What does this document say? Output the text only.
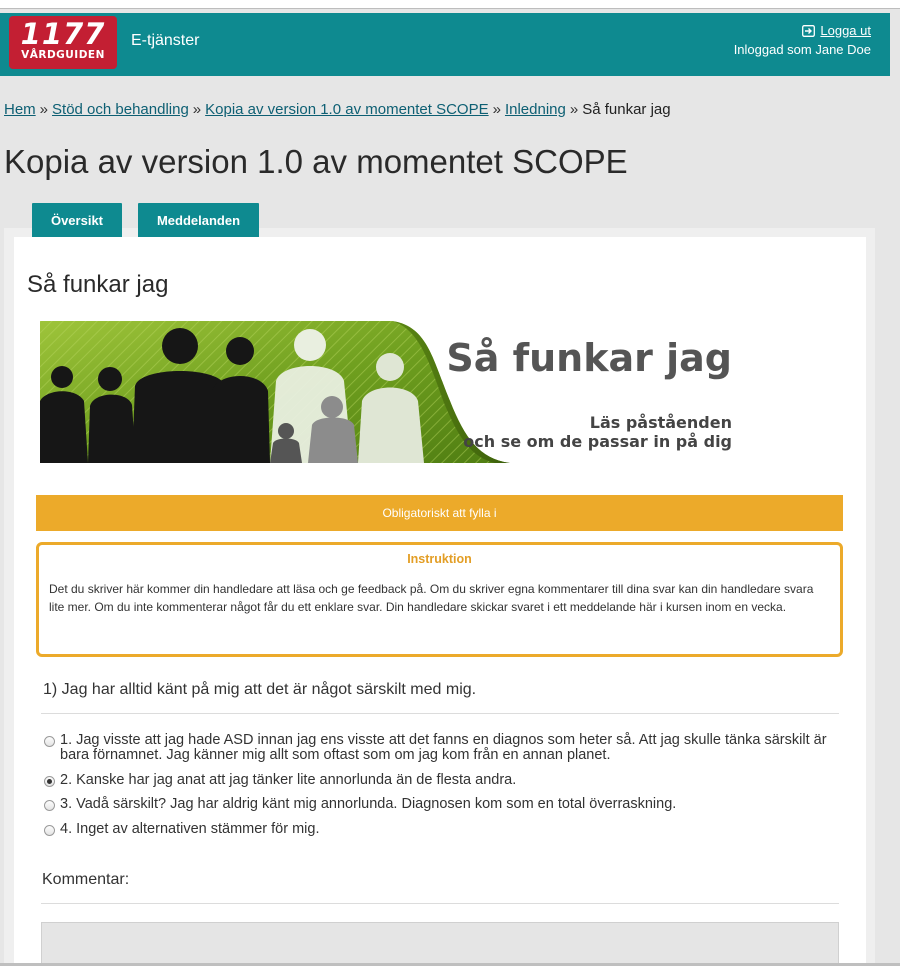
1177
VÅRDGUIDEN
E-tjänster
Logga ut
Inloggad som Jane Doe
Hem » Stöd och behandling » Kopia av version 1.0 av momentet SCOPE » Inledning » Så funkar jag
Kopia av version 1.0 av momentet SCOPE
Översikt	Meddelanden
Så funkar jag
Så funkar jag
Läs påståenden
och se om de passar in på dig
Obligatoriskt att fylla i
Instruktion
Det du skriver här kommer din handledare att läsa och ge feedback på. Om du skriver egna kommentarer till dina svar kan din handledare svara lite mer. Om du inte kommenterar något får du ett enklare svar. Din handledare skickar svaret i ett meddelande här i kursen inom en vecka.
1) Jag har alltid känt på mig att det är något särskilt med mig.
1. Jag visste att jag hade ASD innan jag ens visste att det fanns en diagnos som heter så. Att jag skulle tänka särskilt är bara förnamnet. Jag känner mig allt som oftast som om jag kom från en annan planet.
2. Kanske har jag anat att jag tänker lite annorlunda än de flesta andra.
3. Vadå särskilt? Jag har aldrig känt mig annorlunda. Diagnosen kom som en total överraskning.
4. Inget av alternativen stämmer för mig.
Kommentar:
